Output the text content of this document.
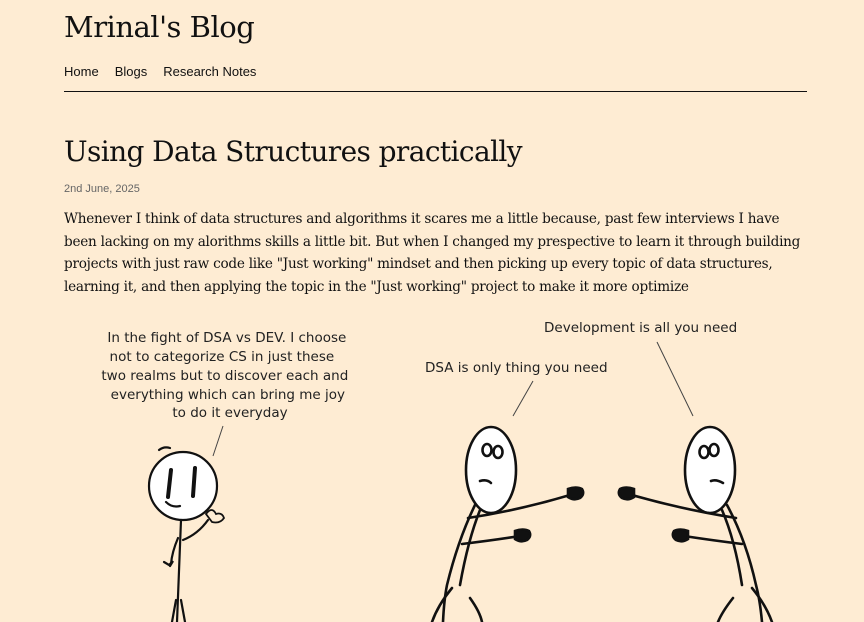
Mrinal's Blog
Home Blogs Research Notes
Using Data Structures practically
2nd June, 2025

Whenever I think of data structures and algorithms it scares me a little because, past few interviews I have been lacking on my alorithms skills a little bit. But when I changed my prespective to learn it through building projects with just raw code like "Just working" mindset and then picking up every topic of data structures, learning it, and then applying the topic in the "Just working" project to make it more optimize

In the fight of DSA vs DEV. I choose not to categorize CS in just these two realms but to discover each and everything which can bring me joy to do it everyday
DSA is only thing you need
Development is all you need
